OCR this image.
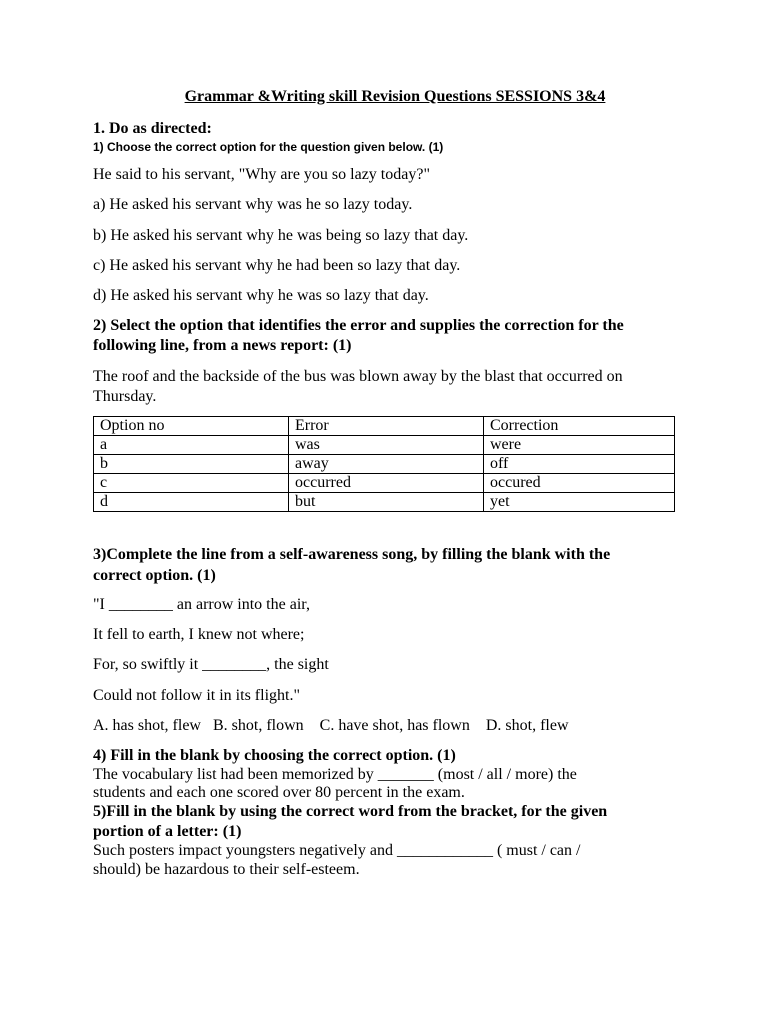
Grammar &Writing skill Revision Questions SESSIONS 3&4
1. Do as directed:
1) Choose the correct option for the question given below. (1)
He said to his servant, "Why are you so lazy today?"
a) He asked his servant why was he so lazy today.
b) He asked his servant why he was being so lazy that day.
c) He asked his servant why he had been so lazy that day.
d) He asked his servant why he was so lazy that day.
2) Select the option that identifies the error and supplies the correction for the
following line, from a news report: (1)
The roof and the backside of the bus was blown away by the blast that occurred on
Thursday.
Option no	Error	Correction
a	was	were
b	away	off
c	occurred	occured
d	but	yet
3)Complete the line from a self-awareness song, by filling the blank with the
correct option. (1)
"I ________ an arrow into the air,
It fell to earth, I knew not where;
For, so swiftly it ________, the sight
Could not follow it in its flight."
A. has shot, flew   B. shot, flown    C. have shot, has flown    D. shot, flew
4) Fill in the blank by choosing the correct option. (1)
The vocabulary list had been memorized by _______ (most / all / more) the
students and each one scored over 80 percent in the exam.
5)Fill in the blank by using the correct word from the bracket, for the given
portion of a letter: (1)
Such posters impact youngsters negatively and ____________ ( must / can /
should) be hazardous to their self-esteem.
